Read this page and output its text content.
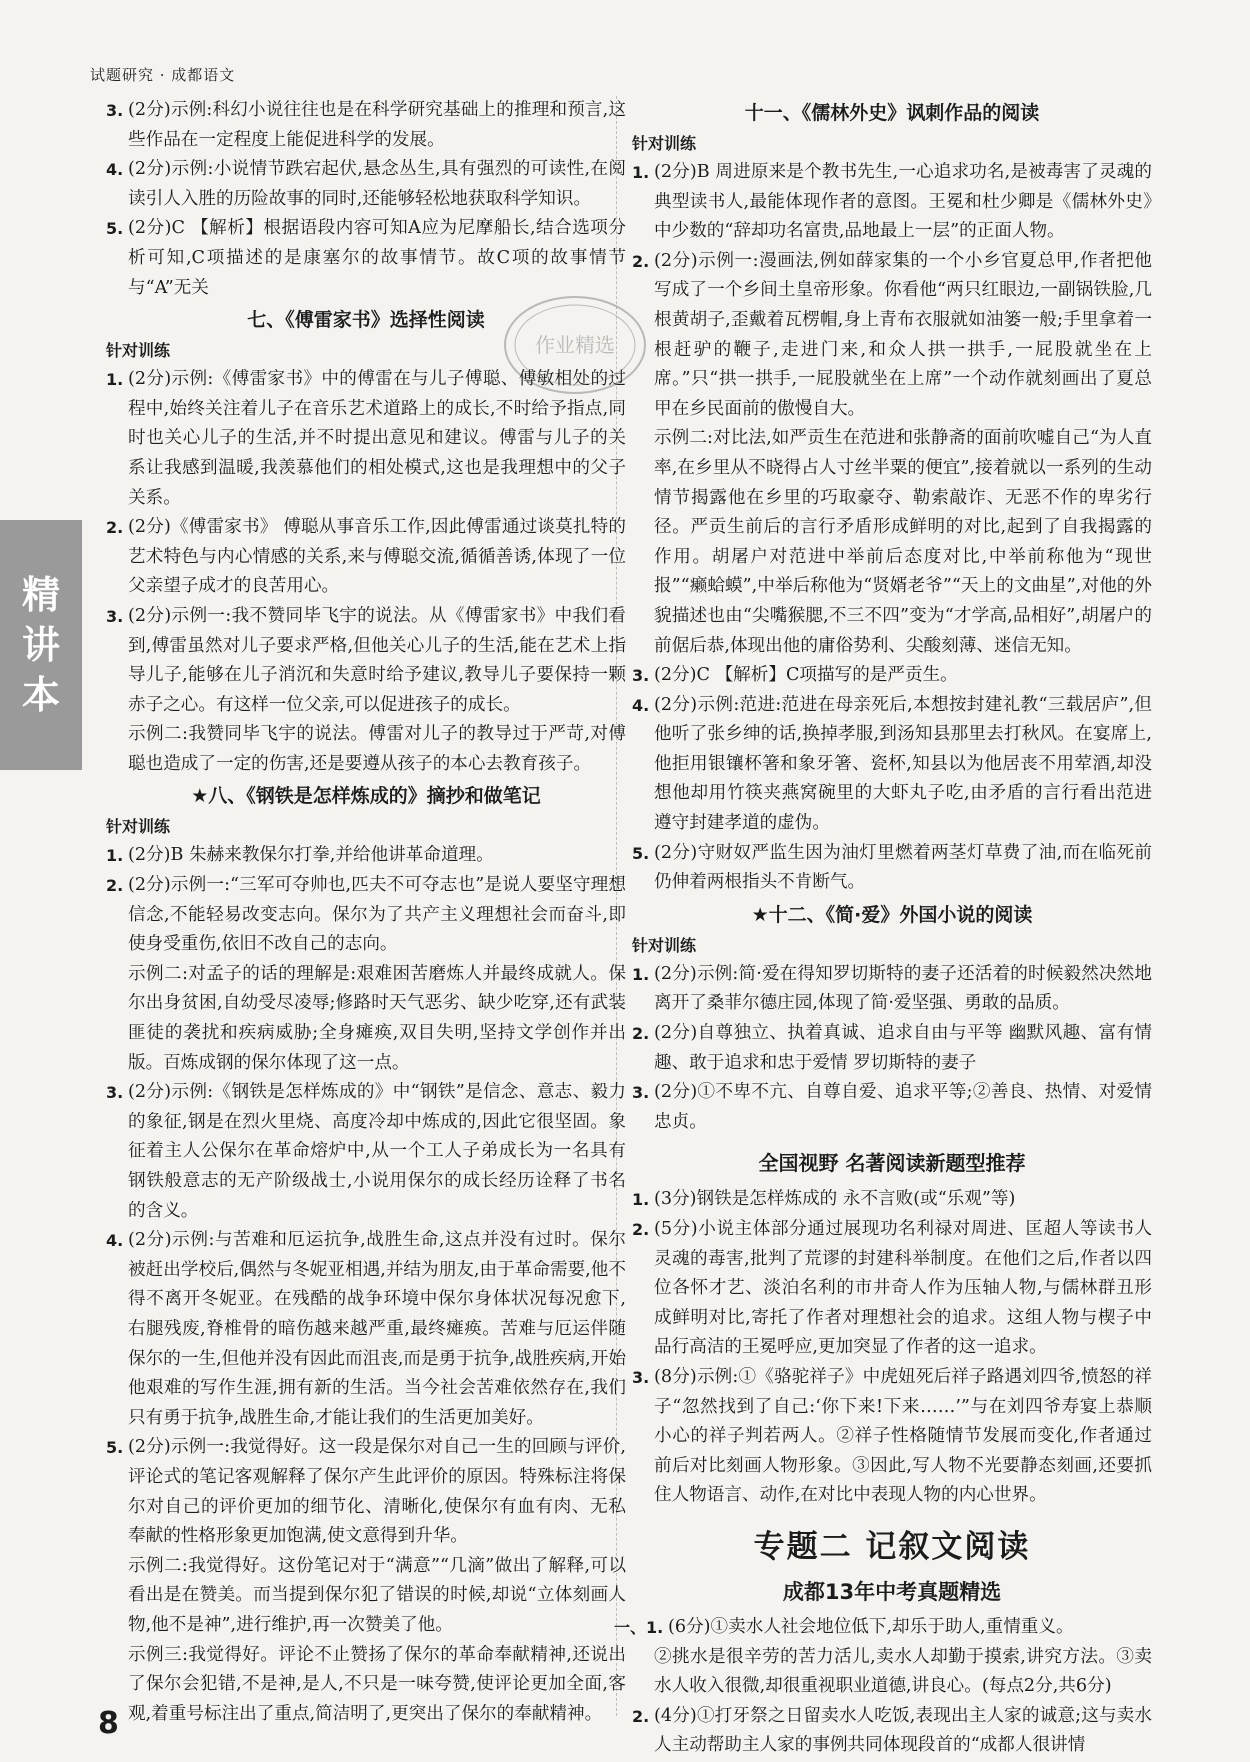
试题研究 · 成都语文
精
讲
本
作业精选
3. (2分)示例:科幻小说往往也是在科学研究基础上的推理和预言,这些作品在一定程度上能促进科学的发展。
4. (2分)示例:小说情节跌宕起伏,悬念丛生,具有强烈的可读性,在阅读引人入胜的历险故事的同时,还能够轻松地获取科学知识。
5. (2分)C 【解析】根据语段内容可知A应为尼摩船长,结合选项分析可知,C项描述的是康塞尔的故事情节。故C项的故事情节与“A”无关
七、《傅雷家书》选择性阅读
针对训练
1. (2分)示例:《傅雷家书》中的傅雷在与儿子傅聪、傅敏相处的过程中,始终关注着儿子在音乐艺术道路上的成长,不时给予指点,同时也关心儿子的生活,并不时提出意见和建议。傅雷与儿子的关系让我感到温暖,我羡慕他们的相处模式,这也是我理想中的父子关系。
2. (2分)《傅雷家书》 傅聪从事音乐工作,因此傅雷通过谈莫扎特的艺术特色与内心情感的关系,来与傅聪交流,循循善诱,体现了一位父亲望子成才的良苦用心。
3. (2分)示例一:我不赞同毕飞宇的说法。从《傅雷家书》中我们看到,傅雷虽然对儿子要求严格,但他关心儿子的生活,能在艺术上指导儿子,能够在儿子消沉和失意时给予建议,教导儿子要保持一颗赤子之心。有这样一位父亲,可以促进孩子的成长。
示例二:我赞同毕飞宇的说法。傅雷对儿子的教导过于严苛,对傅聪也造成了一定的伤害,还是要遵从孩子的本心去教育孩子。
★八、《钢铁是怎样炼成的》摘抄和做笔记
针对训练
1. (2分)B 朱赫来教保尔打拳,并给他讲革命道理。
2. (2分)示例一:“三军可夺帅也,匹夫不可夺志也”是说人要坚守理想信念,不能轻易改变志向。保尔为了共产主义理想社会而奋斗,即使身受重伤,依旧不改自己的志向。
示例二:对孟子的话的理解是:艰难困苦磨炼人并最终成就人。保尔出身贫困,自幼受尽凌辱;修路时天气恶劣、缺少吃穿,还有武装匪徒的袭扰和疾病威胁;全身瘫痪,双目失明,坚持文学创作并出版。百炼成钢的保尔体现了这一点。
3. (2分)示例:《钢铁是怎样炼成的》中“钢铁”是信念、意志、毅力的象征,钢是在烈火里烧、高度冷却中炼成的,因此它很坚固。象征着主人公保尔在革命熔炉中,从一个工人子弟成长为一名具有钢铁般意志的无产阶级战士,小说用保尔的成长经历诠释了书名的含义。
4. (2分)示例:与苦难和厄运抗争,战胜生命,这点并没有过时。保尔被赶出学校后,偶然与冬妮亚相遇,并结为朋友,由于革命需要,他不得不离开冬妮亚。在残酷的战争环境中保尔身体状况每况愈下,右腿残废,脊椎骨的暗伤越来越严重,最终瘫痪。苦难与厄运伴随保尔的一生,但他并没有因此而沮丧,而是勇于抗争,战胜疾病,开始他艰难的写作生涯,拥有新的生活。当今社会苦难依然存在,我们只有勇于抗争,战胜生命,才能让我们的生活更加美好。
5. (2分)示例一:我觉得好。这一段是保尔对自己一生的回顾与评价,评论式的笔记客观解释了保尔产生此评价的原因。特殊标注将保尔对自己的评价更加的细节化、清晰化,使保尔有血有肉、无私奉献的性格形象更加饱满,使文意得到升华。
示例二:我觉得好。这份笔记对于“满意”“几滴”做出了解释,可以看出是在赞美。而当提到保尔犯了错误的时候,却说“立体刻画人物,他不是神”,进行维护,再一次赞美了他。
示例三:我觉得好。评论不止赞扬了保尔的革命奉献精神,还说出了保尔会犯错,不是神,是人,不只是一味夸赞,使评论更加全面,客观,着重号标注出了重点,简洁明了,更突出了保尔的奉献精神。
十一、《儒林外史》讽刺作品的阅读
针对训练
1. (2分)B 周进原来是个教书先生,一心追求功名,是被毒害了灵魂的典型读书人,最能体现作者的意图。王冕和杜少卿是《儒林外史》中少数的“辞却功名富贵,品地最上一层”的正面人物。
2. (2分)示例一:漫画法,例如薛家集的一个小乡官夏总甲,作者把他写成了一个乡间土皇帝形象。你看他“两只红眼边,一副锅铁脸,几根黄胡子,歪戴着瓦楞帽,身上青布衣服就如油篓一般;手里拿着一根赶驴的鞭子,走进门来,和众人拱一拱手,一屁股就坐在上席。”只“拱一拱手,一屁股就坐在上席”一个动作就刻画出了夏总甲在乡民面前的傲慢自大。
示例二:对比法,如严贡生在范进和张静斋的面前吹嘘自己“为人直率,在乡里从不晓得占人寸丝半粟的便宜”,接着就以一系列的生动情节揭露他在乡里的巧取豪夺、勒索敲诈、无恶不作的卑劣行径。严贡生前后的言行矛盾形成鲜明的对比,起到了自我揭露的作用。胡屠户对范进中举前后态度对比,中举前称他为“现世报”“癞蛤蟆”,中举后称他为“贤婿老爷”“天上的文曲星”,对他的外貌描述也由“尖嘴猴腮,不三不四”变为“才学高,品相好”,胡屠户的前倨后恭,体现出他的庸俗势利、尖酸刻薄、迷信无知。
3. (2分)C 【解析】C项描写的是严贡生。
4. (2分)示例:范进:范进在母亲死后,本想按封建礼教“三载居庐”,但他听了张乡绅的话,换掉孝服,到汤知县那里去打秋风。在宴席上,他拒用银镶杯箸和象牙箸、瓷杯,知县以为他居丧不用荤酒,却没想他却用竹筷夹燕窝碗里的大虾丸子吃,由矛盾的言行看出范进遵守封建孝道的虚伪。
5. (2分)守财奴严监生因为油灯里燃着两茎灯草费了油,而在临死前仍伸着两根指头不肯断气。
★十二、《简·爱》外国小说的阅读
针对训练
1. (2分)示例:简·爱在得知罗切斯特的妻子还活着的时候毅然决然地离开了桑菲尔德庄园,体现了简·爱坚强、勇敢的品质。
2. (2分)自尊独立、执着真诚、追求自由与平等 幽默风趣、富有情趣、敢于追求和忠于爱情 罗切斯特的妻子
3. (2分)①不卑不亢、自尊自爱、追求平等;②善良、热情、对爱情忠贞。
全国视野 名著阅读新题型推荐
1. (3分)钢铁是怎样炼成的 永不言败(或“乐观”等)
2. (5分)小说主体部分通过展现功名利禄对周进、匡超人等读书人灵魂的毒害,批判了荒谬的封建科举制度。在他们之后,作者以四位各怀才艺、淡泊名利的市井奇人作为压轴人物,与儒林群丑形成鲜明对比,寄托了作者对理想社会的追求。这组人物与楔子中品行高洁的王冕呼应,更加突显了作者的这一追求。
3. (8分)示例:①《骆驼祥子》中虎妞死后祥子路遇刘四爷,愤怒的祥子“忽然找到了自己:‘你下来!下来……’”与在刘四爷寿宴上恭顺小心的祥子判若两人。②祥子性格随情节发展而变化,作者通过前后对比刻画人物形象。③因此,写人物不光要静态刻画,还要抓住人物语言、动作,在对比中表现人物的内心世界。
专题二 记叙文阅读
成都13年中考真题精选
一、 1. (6分)①卖水人社会地位低下,却乐于助人,重情重义。
②挑水是很辛劳的苦力活儿,卖水人却勤于摸索,讲究方法。③卖水人收入很微,却很重视职业道德,讲良心。(每点2分,共6分)
2. (4分)①打牙祭之日留卖水人吃饭,表现出主人家的诚意;这与卖水人主动帮助主人家的事例共同体现段首的“成都人很讲情
8
